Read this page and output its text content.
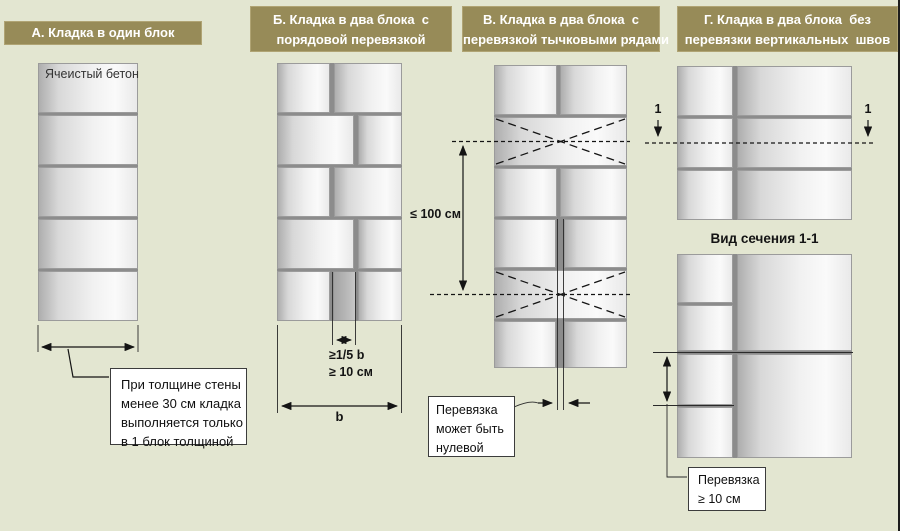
А. Кладка в один блок
Б. Кладка в два блока  с
порядовой перевязкой
В. Кладка в два блока  с
перевязкой тычковыми рядами
Г. Кладка в два блока  без
перевязки вертикальных  швов
Ячеистый бетон
≥1/5 b
≥ 10 см
b
≤ 100 см
1	1
Вид сечения 1-1
При толщине стены
менее 30 см кладка
выполняется только
в 1 блок толщиной
Перевязка
может быть
нулевой
Перевязка
≥ 10 см
